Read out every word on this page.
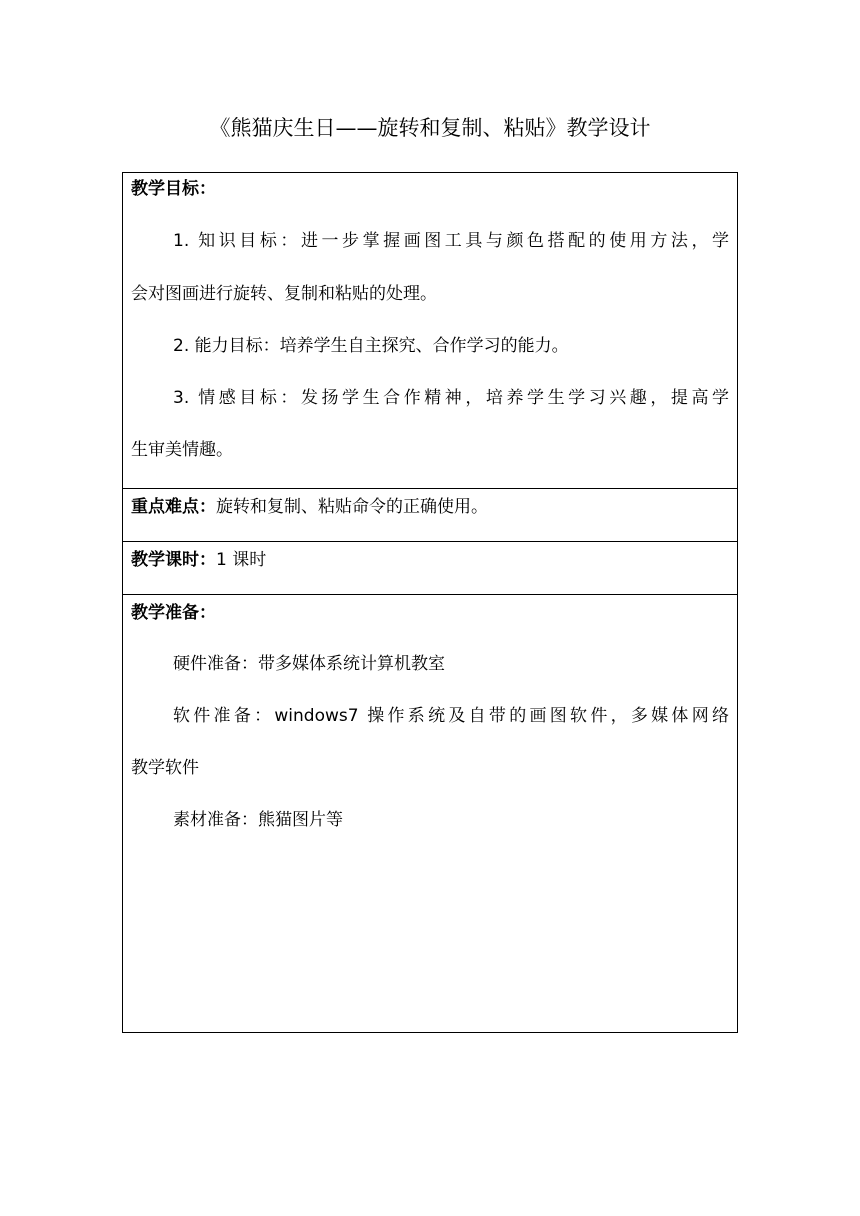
《熊猫庆生日——旋转和复制、粘贴》教学设计
教学目标：
1. 知识目标：进一步掌握画图工具与颜色搭配的使用方法，学
会对图画进行旋转、复制和粘贴的处理。
2. 能力目标：培养学生自主探究、合作学习的能力。
3. 情感目标：发扬学生合作精神，培养学生学习兴趣，提高学
生审美情趣。
重点难点：旋转和复制、粘贴命令的正确使用。
教学课时：1 课时
教学准备：
硬件准备：带多媒体系统计算机教室
软件准备：windows7 操作系统及自带的画图软件，多媒体网络
教学软件
素材准备：熊猫图片等
